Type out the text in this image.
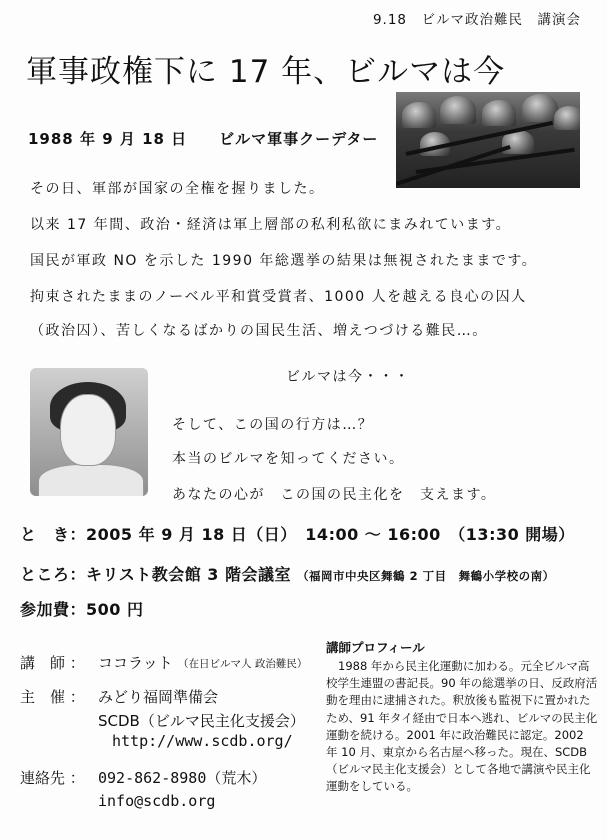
9.18　ビルマ政治難民　講演会
軍事政権下に 17 年、ビルマは今
1988 年 9 月 18 日　　ビルマ軍事クーデター
その日、軍部が国家の全権を握りました。
以来 17 年間、政治・経済は軍上層部の私利私欲にまみれています。
国民が軍政 NO を示した 1990 年総選挙の結果は無視されたままです。
拘束されたままのノーベル平和賞受賞者、1000 人を越える良心の囚人
（政治囚）、苦しくなるばかりの国民生活、増えつづける難民…。
ビルマは今・・・
そして、この国の行方は…？
本当のビルマを知ってください。
あなたの心が　この国の民主化を　支えます。
と　き：2005 年 9 月 18 日（日）　14:00 ～ 16:00　（13:30 開場）
ところ：キリスト教会館 3 階会議室 （福岡市中央区舞鶴 2 丁目　舞鶴小学校の南）
参加費：500 円
講　師 ： ココラット （在日ビルマ人 政治難民）
主　催 ： みどり福岡準備会
SCDB（ビルマ民主化支援会）
http://www.scdb.org/
連絡先 ： 092-862-8980（荒木）
info@scdb.org
講師プロフィール
1988 年から民主化運動に加わる。元全ビルマ高校学生連盟の書記長。90 年の総選挙の日、反政府活動を理由に逮捕された。釈放後も監視下に置かれたため、91 年タイ経由で日本へ逃れ、ビルマの民主化運動を続ける。2001 年に政治難民に認定。2002 年 10 月、東京から名古屋へ移った。現在、SCDB（ビルマ民主化支援会）として各地で講演や民主化運動をしている。
